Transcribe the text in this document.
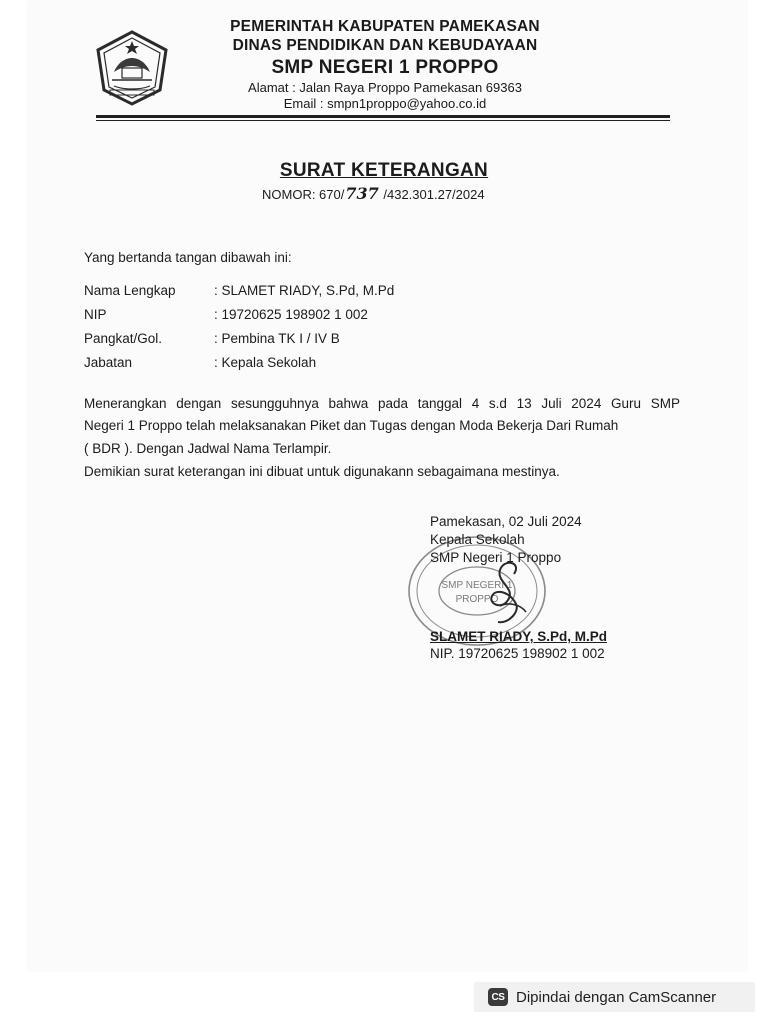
PEMERINTAH KABUPATEN PAMEKASAN
DINAS PENDIDIKAN DAN KEBUDAYAAN
SMP NEGERI 1 PROPPO
Alamat : Jalan Raya Proppo Pamekasan 69363
Email : smpn1proppo@yahoo.co.id
SURAT KETERANGAN
NOMOR: 670/737 /432.301.27/2024
Yang bertanda tangan dibawah ini:
Nama Lengkap	: SLAMET RIADY, S.Pd, M.Pd
NIP	: 19720625 198902 1 002
Pangkat/Gol.	: Pembina TK I / IV B
Jabatan	: Kepala Sekolah
Menerangkan dengan sesungguhnya bahwa pada tanggal 4 s.d 13 Juli 2024 Guru SMP
Negeri 1 Proppo telah melaksanakan Piket dan Tugas dengan Moda Bekerja Dari Rumah
( BDR ). Dengan Jadwal Nama Terlampir.
Demikian surat keterangan ini dibuat untuk digunakann sebagaimana mestinya.
SMP NEGERI 1
PROPPO
Pamekasan, 02 Juli 2024
Kepala Sekolah
SMP Negeri 1 Proppo
SLAMET RIADY, S.Pd, M.Pd
NIP. 19720625 198902 1 002
CS Dipindai dengan CamScanner
